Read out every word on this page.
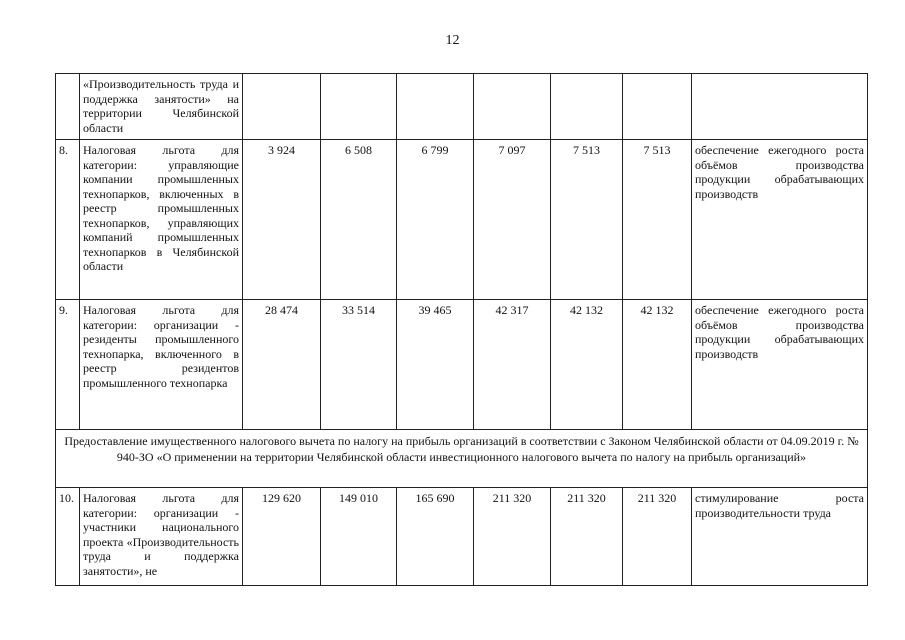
12
	«Производительность труда и поддержка занятости» на территории Челябинской области							
8.	Налоговая льгота для категории: управляющие компании промышленных технопарков, включенных в реестр промышленных технопарков, управляющих компаний промышленных технопарков в Челябинской области	3 924	6 508	6 799	7 097	7 513	7 513	обеспечение ежегодного роста объёмов производства продукции обрабатывающих производств
9.	Налоговая льгота для категории: организации - резиденты промышленного технопарка, включенного в реестр резидентов промышленного технопарка	28 474	33 514	39 465	42 317	42 132	42 132	обеспечение ежегодного роста объёмов производства продукции обрабатывающих производств
Предоставление имущественного налогового вычета по налогу на прибыль организаций в соответствии с Законом Челябинской области от 04.09.2019 г. № 940-ЗО «О применении на территории Челябинской области инвестиционного налогового вычета по налогу на прибыль организаций»								
10.	Налоговая льгота для категории: организации - участники национального проекта «Производительность труда и поддержка занятости», не	129 620	149 010	165 690	211 320	211 320	211 320	стимулирование роста производительности труда
